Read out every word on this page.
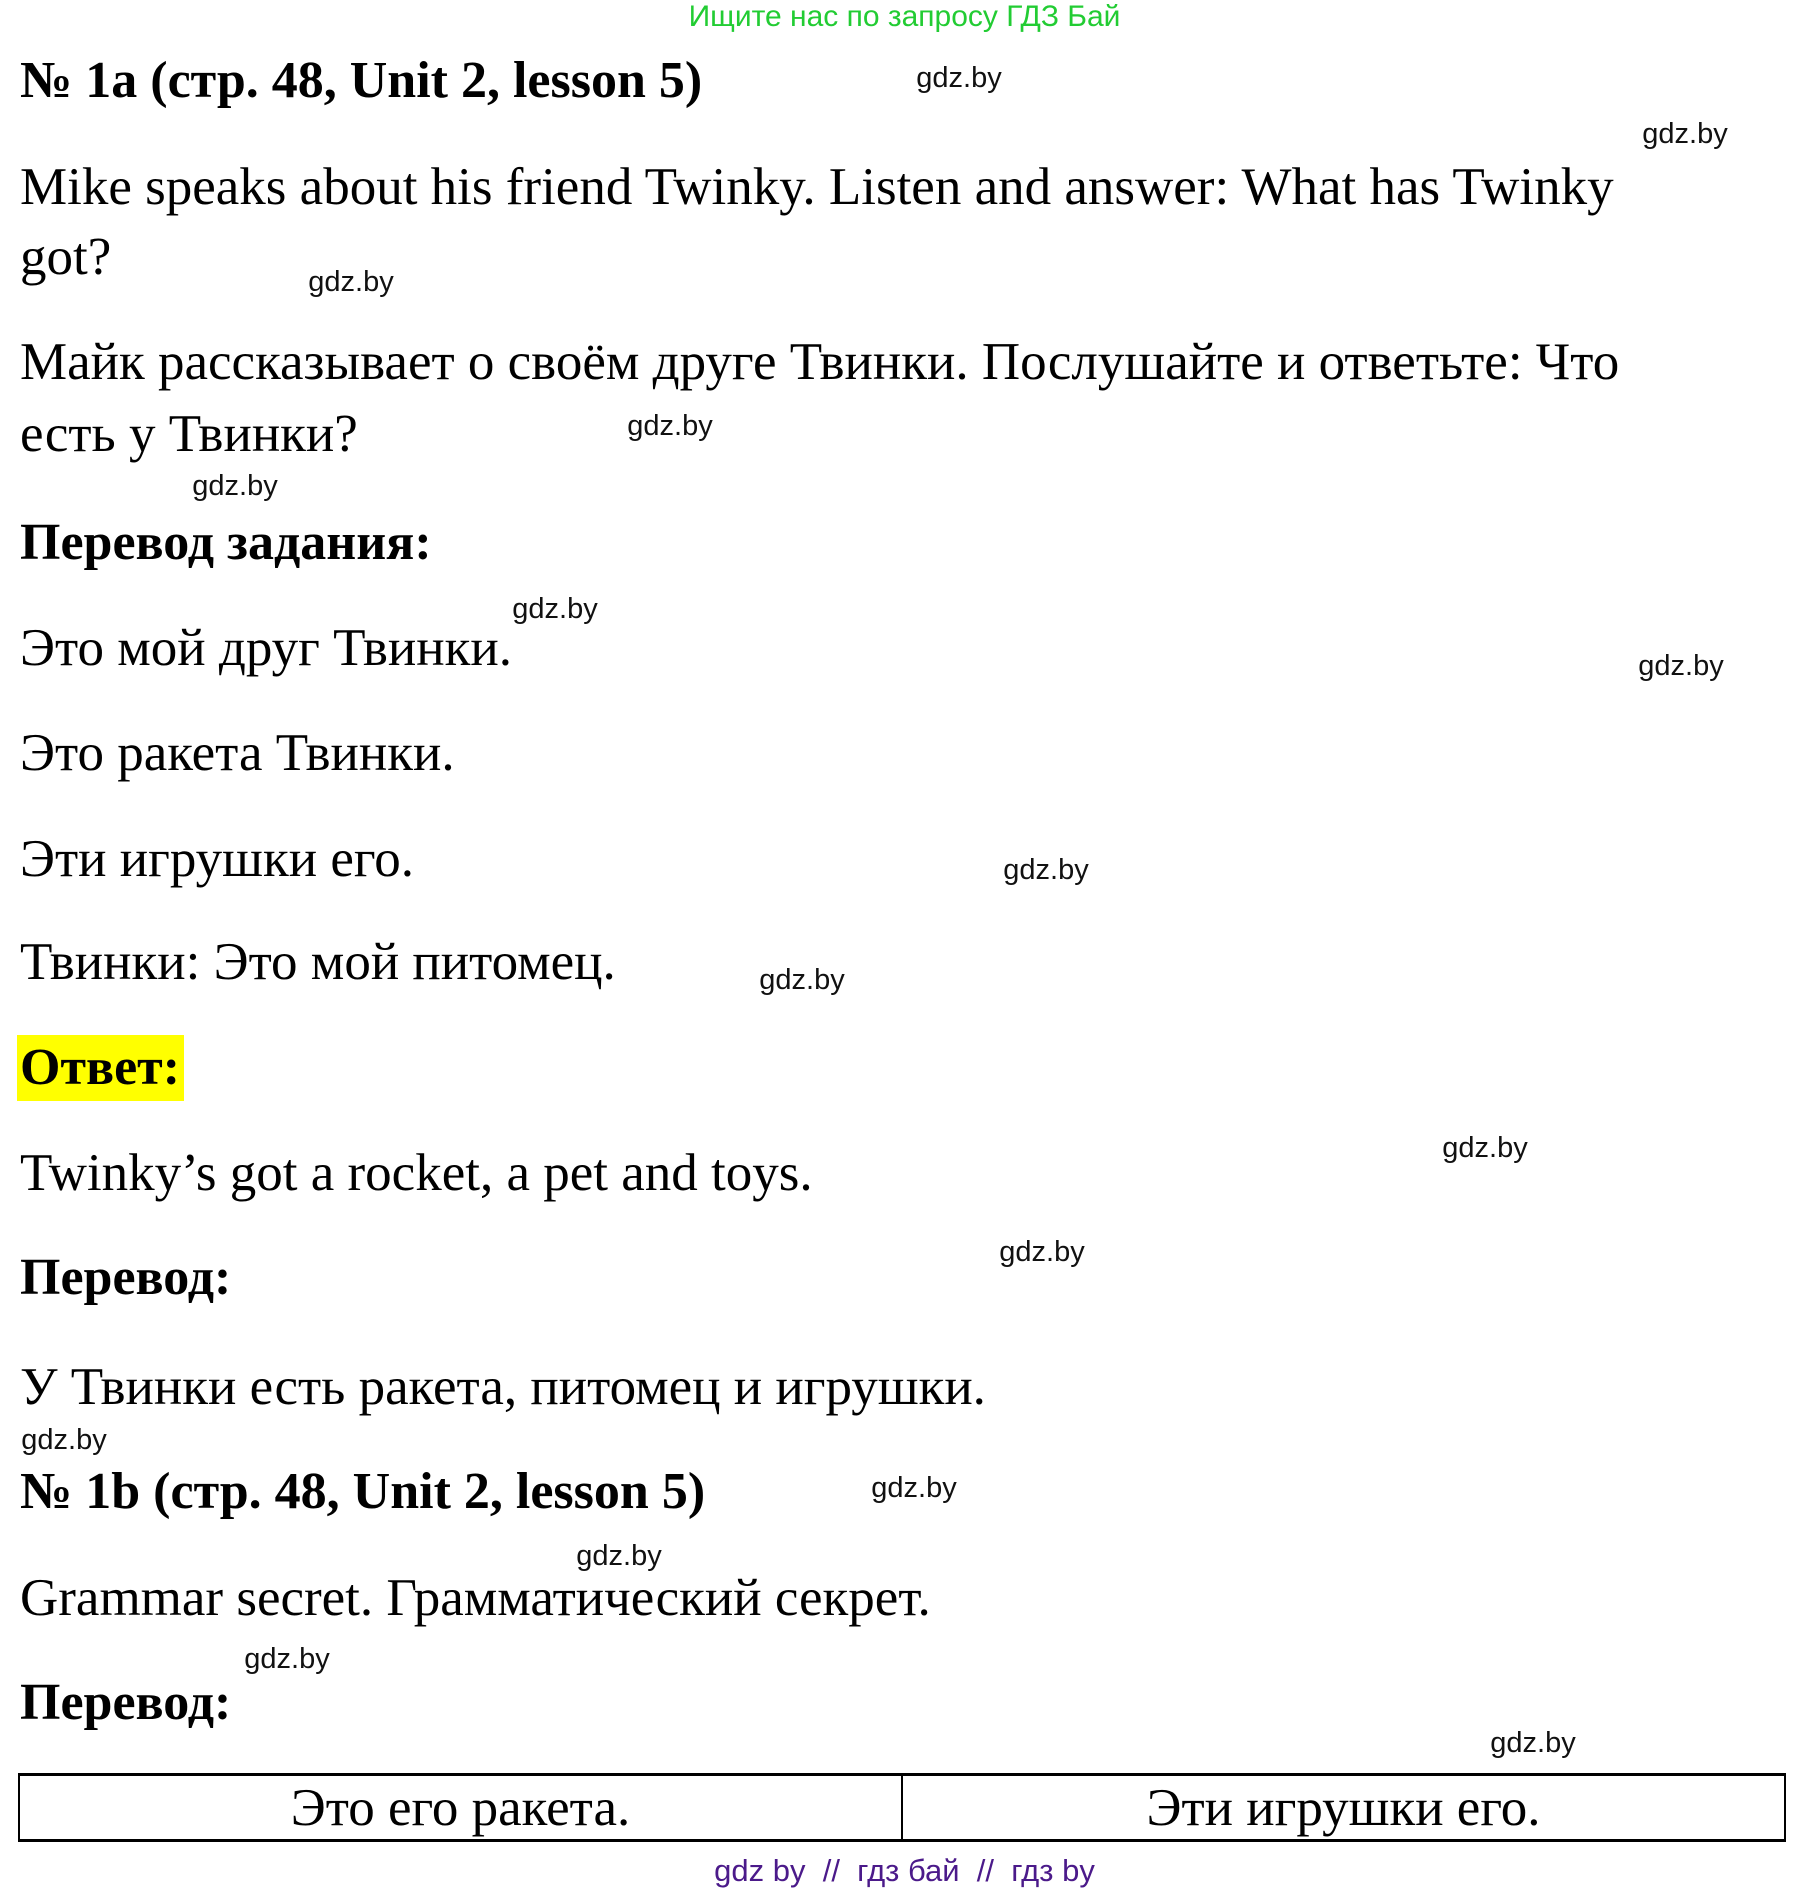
Ищите нас по запросу ГДЗ Бай
№ 1a (стр. 48, Unit 2, lesson 5)
Mike speaks about his friend Twinky. Listen and answer: What has Twinky
got?
Майк рассказывает о своём друге Твинки. Послушайте и ответьте: Что
есть у Твинки?
Перевод задания:
Это мой друг Твинки.
Это ракета Твинки.
Эти игрушки его.
Твинки: Это мой питомец.
Ответ:
Twinky’s got a rocket, a pet and toys.
Перевод:
У Твинки есть ракета, питомец и игрушки.
№ 1b (стр. 48, Unit 2, lesson 5)
Grammar secret. Грамматический секрет.
Перевод:
Это его ракета.	Эти игрушки его.
gdz.by
gdz.by
gdz.by
gdz.by
gdz.by
gdz.by
gdz.by
gdz.by
gdz.by
gdz.by
gdz.by
gdz.by
gdz.by
gdz.by
gdz.by
gdz.by
gdz by  //  гдз бай  //  гдз by
